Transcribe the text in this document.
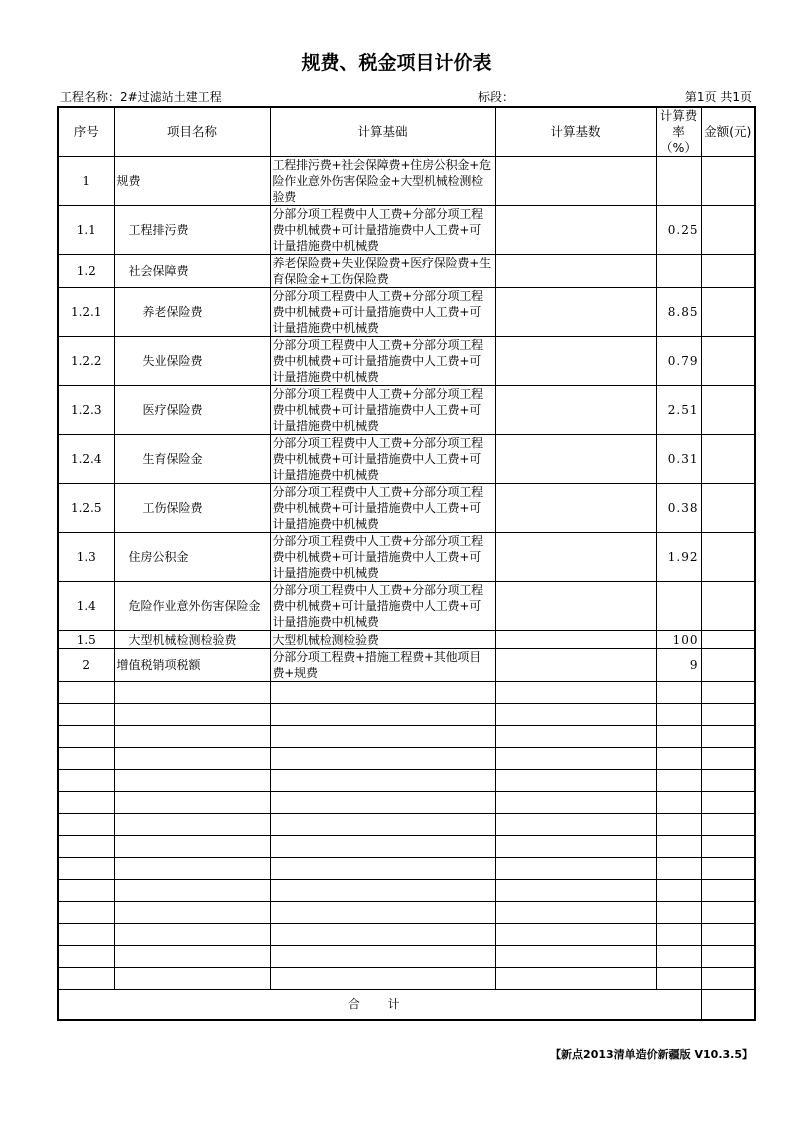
规费、税金项目计价表
工程名称：2#过滤站土建工程	标段：	第1页 共1页
序号	项目名称	计算基础	计算基数	计算费率（%）	金额(元)
1	规费	工程排污费+社会保障费+住房公积金+危险作业意外伤害保险金+大型机械检测检验费			
1.1	工程排污费	分部分项工程费中人工费+分部分项工程费中机械费+可计量措施费中人工费+可计量措施费中机械费		0.25	
1.2	社会保障费	养老保险费+失业保险费+医疗保险费+生育保险金+工伤保险费			
1.2.1	养老保险费	分部分项工程费中人工费+分部分项工程费中机械费+可计量措施费中人工费+可计量措施费中机械费		8.85	
1.2.2	失业保险费	分部分项工程费中人工费+分部分项工程费中机械费+可计量措施费中人工费+可计量措施费中机械费		0.79	
1.2.3	医疗保险费	分部分项工程费中人工费+分部分项工程费中机械费+可计量措施费中人工费+可计量措施费中机械费		2.51	
1.2.4	生育保险金	分部分项工程费中人工费+分部分项工程费中机械费+可计量措施费中人工费+可计量措施费中机械费		0.31	
1.2.5	工伤保险费	分部分项工程费中人工费+分部分项工程费中机械费+可计量措施费中人工费+可计量措施费中机械费		0.38	
1.3	住房公积金	分部分项工程费中人工费+分部分项工程费中机械费+可计量措施费中人工费+可计量措施费中机械费		1.92	
1.4	危险作业意外伤害保险金	分部分项工程费中人工费+分部分项工程费中机械费+可计量措施费中人工费+可计量措施费中机械费			
1.5	大型机械检测检验费	大型机械检测检验费		100	
2	增值税销项税额	分部分项工程费+措施工程费+其他项目费+规费		9	

合 计					
【新点2013清单造价新疆版 V10.3.5】
